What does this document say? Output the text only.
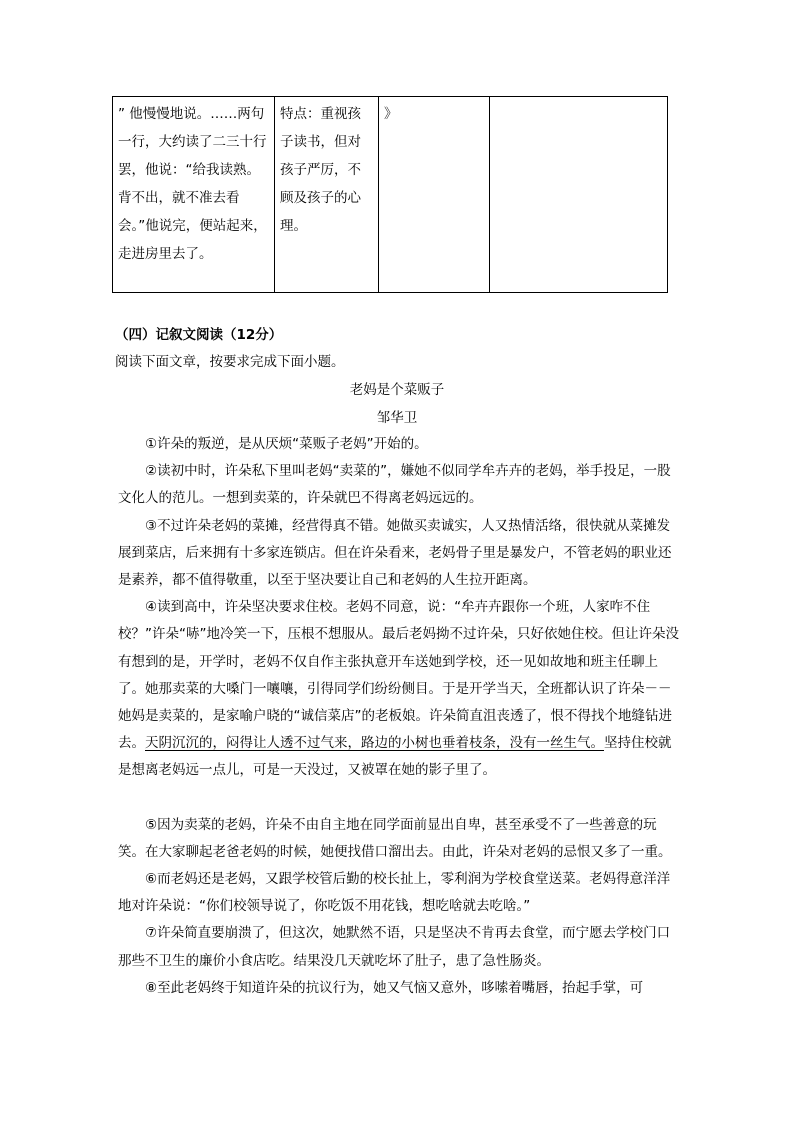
” 他慢慢地说。……两句一行，大约读了二三十行罢，他说：“给我读熟。背不出，就不准去看会。”他说完，便站起来，走进房里去了。	特点：重视孩子读书，但对孩子严厉，不顾及孩子的心理。	》	
（四）记叙文阅读（12分）
阅读下面文章，按要求完成下面小题。
老妈是个菜贩子
邹华卫

①许朵的叛逆，是从厌烦“菜贩子老妈”开始的。

②读初中时，许朵私下里叫老妈“卖菜的”，嫌她不似同学牟卉卉的老妈，举手投足，一股文化人的范儿。一想到卖菜的，许朵就巴不得离老妈远远的。

③不过许朵老妈的菜摊，经营得真不错。她做买卖诚实，人又热情活络，很快就从菜摊发展到菜店，后来拥有十多家连锁店。但在许朵看来，老妈骨子里是暴发户，不管老妈的职业还是素养，都不值得敬重，以至于坚决要让自己和老妈的人生拉开距离。

④读到高中，许朵坚决要求住校。老妈不同意，说：“牟卉卉跟你一个班，人家咋不住校？”许朵“哧”地冷笑一下，压根不想服从。最后老妈拗不过许朵，只好依她住校。但让许朵没有想到的是，开学时，老妈不仅自作主张执意开车送她到学校，还一见如故地和班主任聊上了。她那卖菜的大嗓门一嚷嚷，引得同学们纷纷侧目。于是开学当天，全班都认识了许朵－－她妈是卖菜的，是家喻户晓的“诚信菜店”的老板娘。许朵简直沮丧透了，恨不得找个地缝钻进去。天阴沉沉的，闷得让人透不过气来，路边的小树也垂着枝条，没有一丝生气。坚持住校就是想离老妈远一点儿，可是一天没过，又被罩在她的影子里了。

⑤因为卖菜的老妈，许朵不由自主地在同学面前显出自卑，甚至承受不了一些善意的玩笑。在大家聊起老爸老妈的时候，她便找借口溜出去。由此，许朵对老妈的忌恨又多了一重。

⑥而老妈还是老妈，又跟学校管后勤的校长扯上，零利润为学校食堂送菜。老妈得意洋洋地对许朵说：“你们校领导说了，你吃饭不用花钱，想吃啥就去吃啥。”

⑦许朵简直要崩溃了，但这次，她默然不语，只是坚决不肯再去食堂，而宁愿去学校门口那些不卫生的廉价小食店吃。结果没几天就吃坏了肚子，患了急性肠炎。

⑧至此老妈终于知道许朵的抗议行为，她又气恼又意外，哆嗦着嘴唇，抬起手掌，可
